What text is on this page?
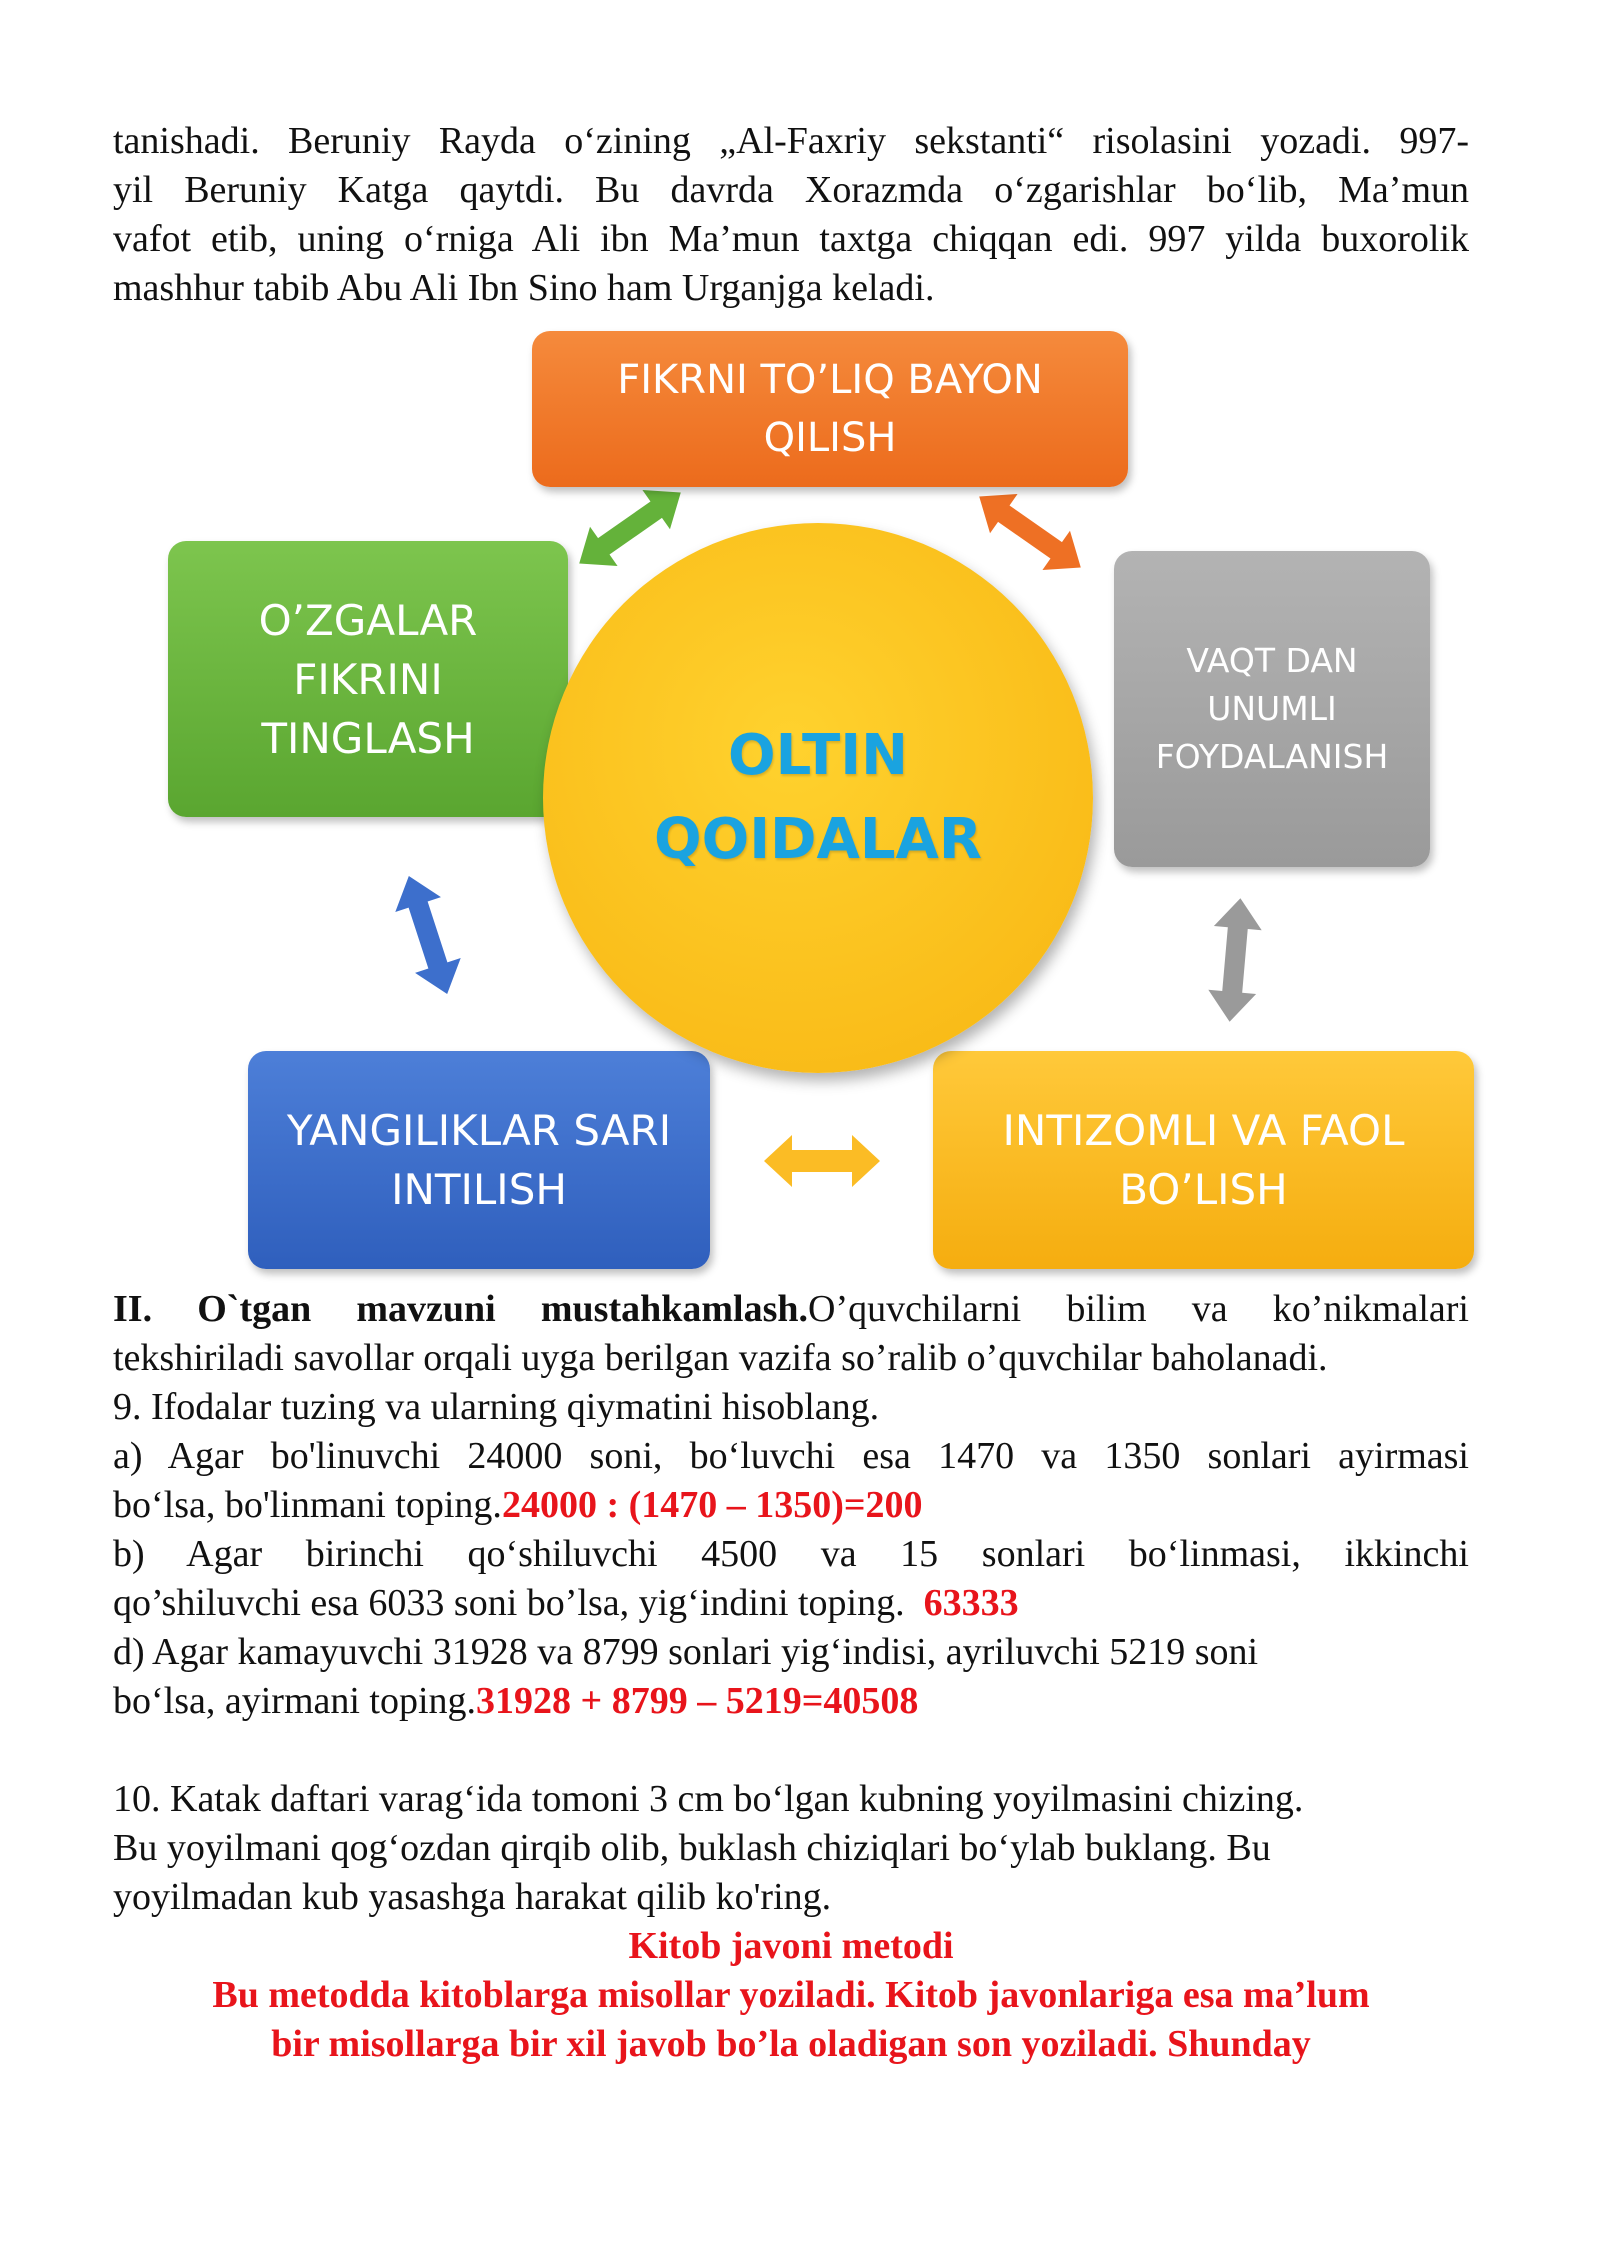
tanishadi. Beruniy Rayda o‘zining „Al-Faxriy sekstanti“ risolasini yozadi. 997-
yil Beruniy Katga qaytdi. Bu davrda Xorazmda o‘zgarishlar bo‘lib, Ma’mun
vafot etib, uning o‘rniga Ali ibn Ma’mun taxtga chiqqan edi. 997 yilda buxorolik
mashhur tabib Abu Ali Ibn Sino ham Urganjga keladi.
FIKRNI TO’LIQ BAYON
QILISH
O’ZGALAR
FIKRINI
TINGLASH
VAQT DAN
UNUMLI
FOYDALANISH
YANGILIKLAR SARI
INTILISH
INTIZOMLI VA FAOL
BO’LISH
OLTIN
QOIDALAR
II. O`tgan mavzuni mustahkamlash.O’quvchilarni bilim va ko’nikmalari
tekshiriladi savollar orqali uyga berilgan vazifa so’ralib o’quvchilar baholanadi.
9. Ifodalar tuzing va ularning qiymatini hisoblang.
a) Agar bo'linuvchi 24000 soni, bo‘luvchi esa 1470 va 1350 sonlari ayirmasi
bo‘lsa, bo'linmani toping.24000 : (1470 – 1350)=200
b) Agar birinchi qo‘shiluvchi 4500 va 15 sonlari bo‘linmasi, ikkinchi
qo’shiluvchi esa 6033 soni bo’lsa, yig‘indini toping. 63333
d) Agar kamayuvchi 31928 va 8799 sonlari yig‘indisi, ayriluvchi 5219 soni
bo‘lsa, ayirmani toping.31928 + 8799 – 5219=40508
10. Katak daftari varag‘ida tomoni 3 cm bo‘lgan kubning yoyilmasini chizing.
Bu yoyilmani qog‘ozdan qirqib olib, buklash chiziqlari bo‘ylab buklang. Bu
yoyilmadan kub yasashga harakat qilib ko'ring.
Kitob javoni metodi
Bu metodda kitoblarga misollar yoziladi. Kitob javonlariga esa ma’lum
bir misollarga bir xil javob bo’la oladigan son yoziladi. Shunday
